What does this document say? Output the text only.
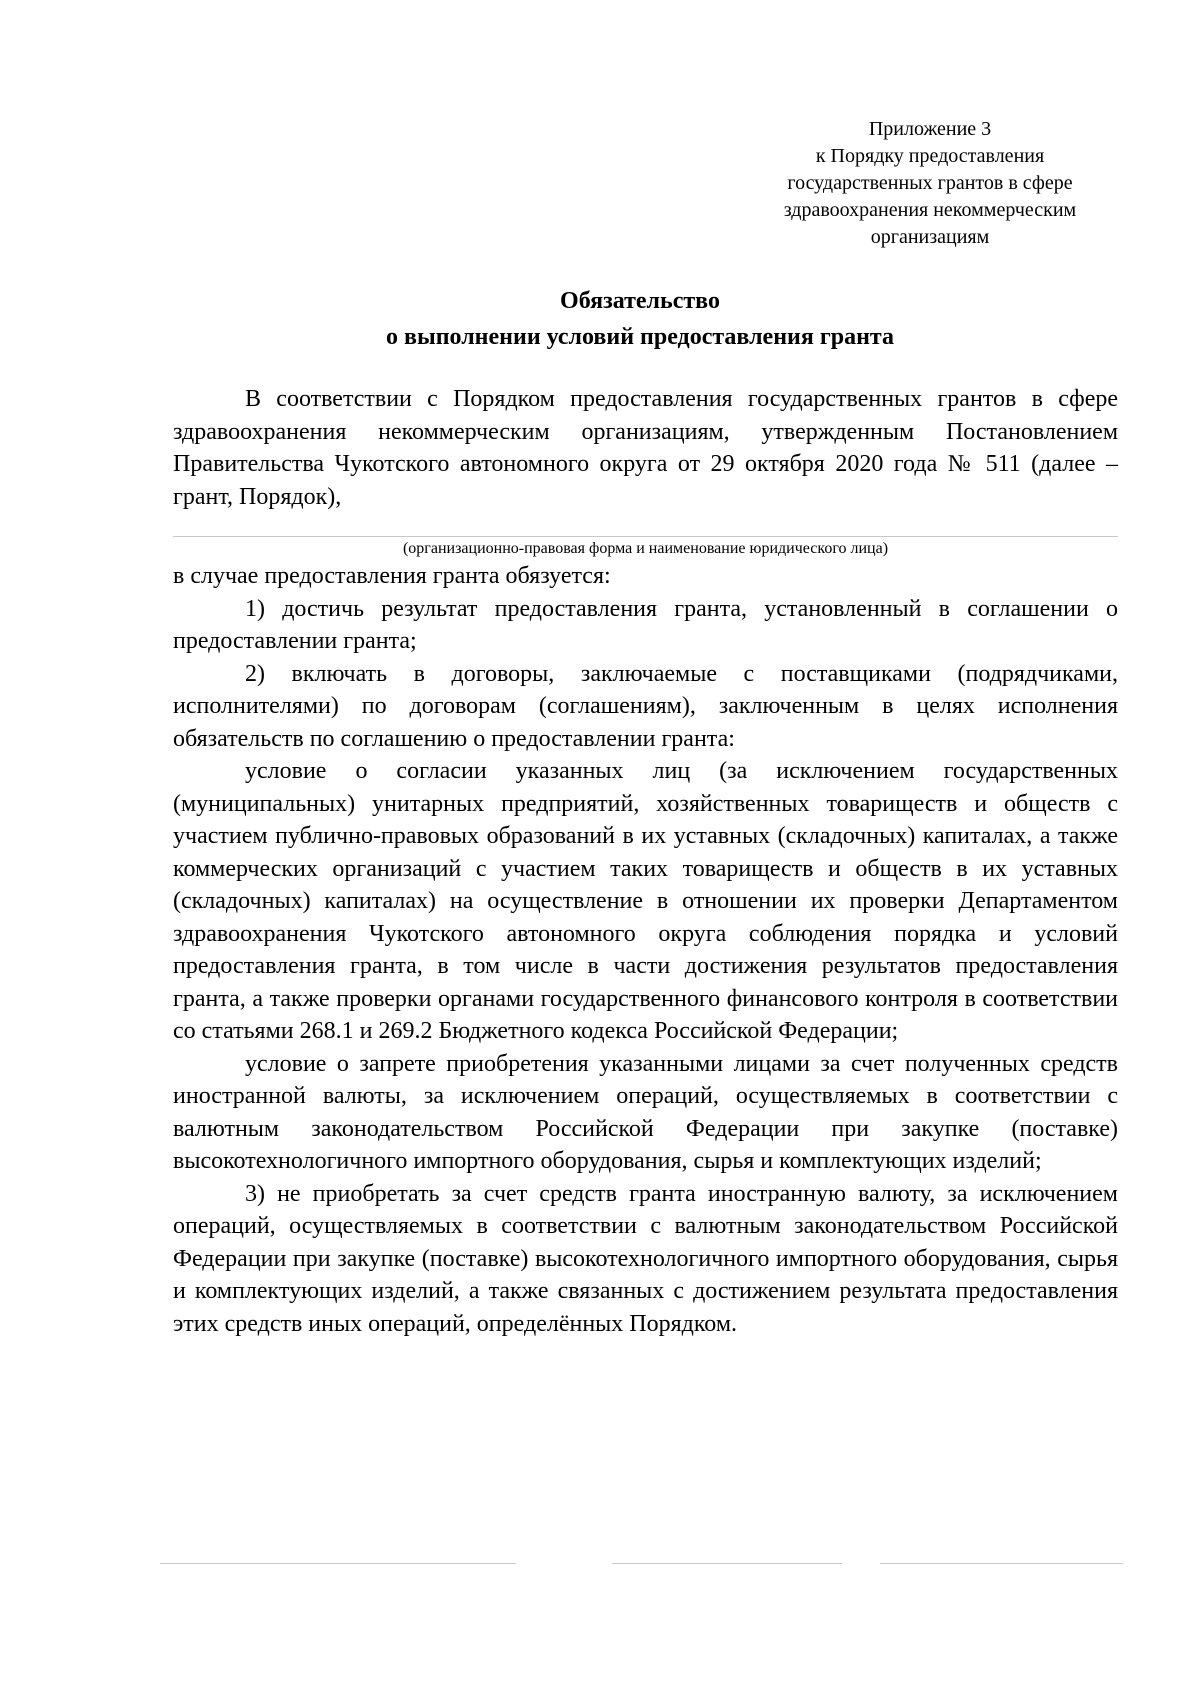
Приложение 3
к Порядку предоставления
государственных грантов в сфере
здравоохранения некоммерческим
организациям
Обязательство
о выполнении условий предоставления гранта

В соответствии с Порядком предоставления государственных грантов в сфере здравоохранения некоммерческим организациям, утвержденным Постановлением Правительства Чукотского автономного округа от 29 октября 2020 года № 511 (далее – грант, Порядок),

(организационно-правовая форма и наименование юридического лица)

в случае предоставления гранта обязуется:

1) достичь результат предоставления гранта, установленный в соглашении о предоставлении гранта;

2) включать в договоры, заключаемые с поставщиками (подрядчиками, исполнителями) по договорам (соглашениям), заключенным в целях исполнения обязательств по соглашению о предоставлении гранта:

условие о согласии указанных лиц (за исключением государственных (муниципальных) унитарных предприятий, хозяйственных товариществ и обществ с участием публично-правовых образований в их уставных (складочных) капиталах, а также коммерческих организаций с участием таких товариществ и обществ в их уставных (складочных) капиталах) на осуществление в отношении их проверки Департаментом здравоохранения Чукотского автономного округа соблюдения порядка и условий предоставления гранта, в том числе в части достижения результатов предоставления гранта, а также проверки органами государственного финансового контроля в соответствии со статьями 268.1 и 269.2 Бюджетного кодекса Российской Федерации;

условие о запрете приобретения указанными лицами за счет полученных средств иностранной валюты, за исключением операций, осуществляемых в соответствии с валютным законодательством Российской Федерации при закупке (поставке) высокотехнологичного импортного оборудования, сырья и комплектующих изделий;

3) не приобретать за счет средств гранта иностранную валюту, за исключением операций, осуществляемых в соответствии с валютным законодательством Российской Федерации при закупке (поставке) высокотехнологичного импортного оборудования, сырья и комплектующих изделий, а также связанных с достижением результата предоставления этих средств иных операций, определённых Порядком.
